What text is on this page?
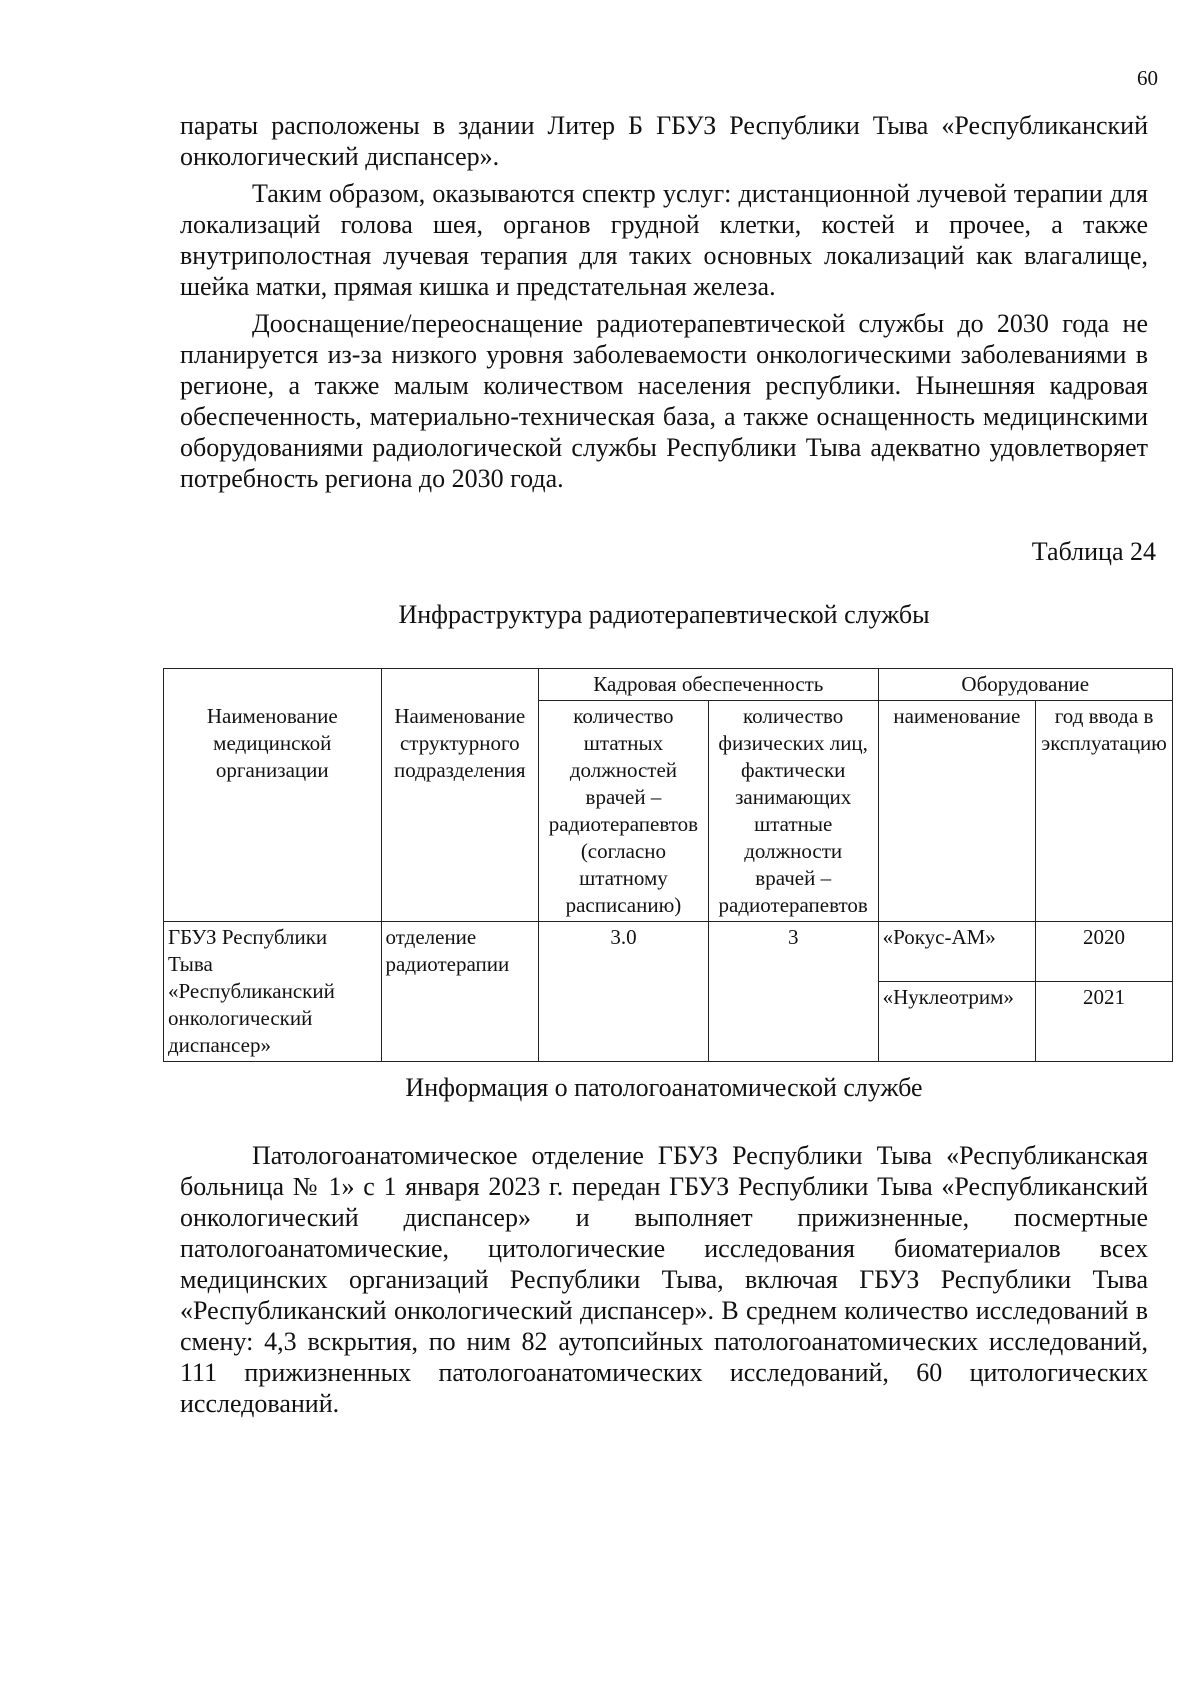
60

параты расположены в здании Литер Б ГБУЗ Республики Тыва «Республиканский онкологический диспансер».

Таким образом, оказываются спектр услуг: дистанционной лучевой терапии для локализаций голова шея, органов грудной клетки, костей и прочее, а также внутриполостная лучевая терапия для таких основных локализаций как влагалище, шейка матки, прямая кишка и предстательная железа.

Дооснащение/переоснащение радиотерапевтической службы до 2030 года не планируется из-за низкого уровня заболеваемости онкологическими заболеваниями в регионе, а также малым количеством населения республики. Нынешняя кадровая обеспеченность, материально-техническая база, а также оснащенность медицинскими оборудованиями радиологической службы Республики Тыва адекватно удовлетворяет потребность региона до 2030 года.

Таблица 24
Инфраструктура радиотерапевтической службы
		Кадровая обеспеченность		Оборудование	
Наименование медицинской организации	Наименование структурного подразделения	количество штатных должностей врачей – радиотерапевтов (согласно штатному расписанию)	количество физических лиц, фактически занимающих штатные должности врачей – радиотерапевтов	наименование	год ввода в эксплуатацию
ГБУЗ Республики Тыва «Республиканский онкологический диспансер»	отделение радиотерапии	3.0	3	«Рокус-АМ»	2020
				«Нуклеотрим»	2021
Информация о патологоанатомической службе

Патологоанатомическое отделение ГБУЗ Республики Тыва «Республиканская больница № 1» с 1 января 2023 г. передан ГБУЗ Республики Тыва «Республиканский онкологический диспансер» и выполняет прижизненные, посмертные патологоанатомические, цитологические исследования биоматериалов всех медицинских организаций Республики Тыва, включая ГБУЗ Республики Тыва «Республиканский онкологический диспансер». В среднем количество исследований в смену: 4,3 вскрытия, по ним 82 аутопсийных патологоанатомических исследований, 111 прижизненных патологоанатомических исследований, 60 цитологических исследований.
